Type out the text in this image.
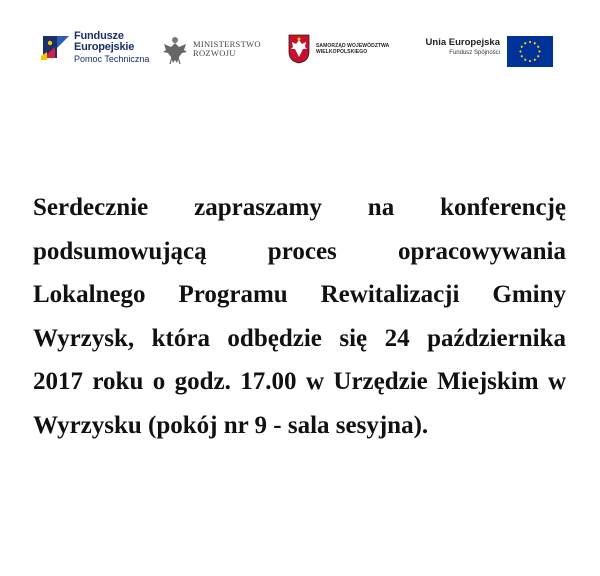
Fundusze
Europejskie
Pomoc Techniczna
MINISTERSTWO
ROZWOJU
SAMORZĄD WOJEWÓDZTWA
WIELKOPOLSKIEGO
Unia Europejska
Fundusz Spójności

Serdecznie zapraszamy na konferencję podsumowującą proces opracowywania Lokalnego Programu Rewitalizacji Gminy Wyrzysk, która odbędzie się 24 października 2017 roku o godz. 17.00 w Urzędzie Miejskim w Wyrzysku (pokój nr 9 - sala sesyjna).
